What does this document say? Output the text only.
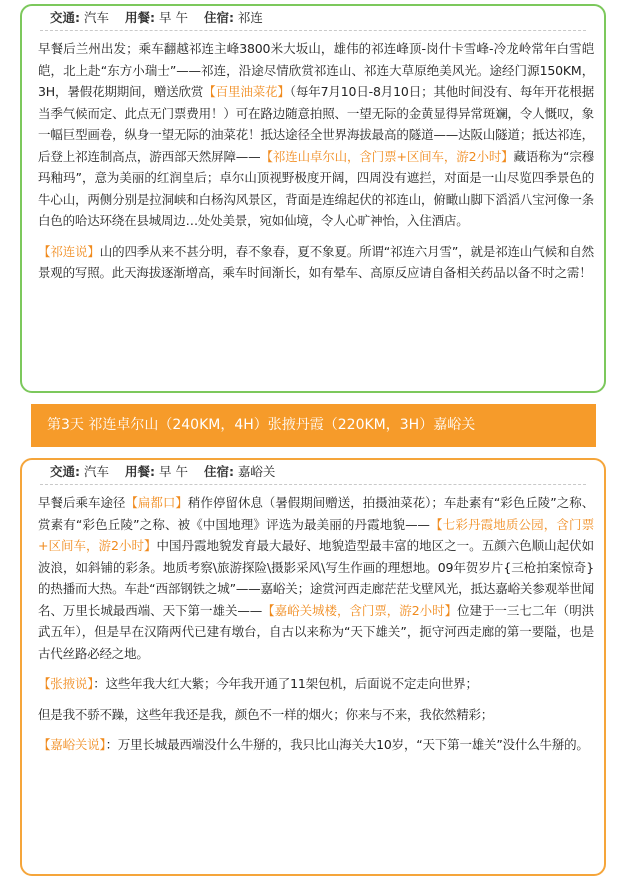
交通: 汽车 用餐: 早 午 住宿: 祁连

早餐后兰州出发；乘车翻越祁连主峰3800米大坂山，雄伟的祁连峰顶-岗什卡雪峰-冷龙岭常年白雪皑皑，北上赴“东方小瑞士”——祁连，沿途尽情欣赏祁连山、祁连大草原绝美风光。途经门源150KM，3H，暑假花期期间，赠送欣赏【百里油菜花】（每年7月10日-8月10日；其他时间没有、每年开花根据当季气候而定、此点无门票费用！）可在路边随意拍照、一望无际的金黄显得异常斑斓，令人慨叹，象一幅巨型画卷，纵身一望无际的油菜花！抵达途径全世界海拔最高的隧道——达阪山隧道；抵达祁连，后登上祁连制高点，游西部天然屏障——【祁连山卓尔山，含门票+区间车，游2小时】藏语称为“宗穆玛釉玛”，意为美丽的红润皇后；卓尔山顶视野极度开阔，四周没有遮拦，对面是一山尽览四季景色的牛心山，两侧分别是拉洞峡和白杨沟风景区，背面是连绵起伏的祁连山，俯瞰山脚下滔滔八宝河像一条白色的哈达环绕在县城周边…处处美景，宛如仙境，令人心旷神怡，入住酒店。

【祁连说】山的四季从来不甚分明，春不象春，夏不象夏。所谓“祁连六月雪”，就是祁连山气候和自然景观的写照。此天海拔逐渐增高，乘车时间渐长，如有晕车、高原反应请自备相关药品以备不时之需！

第3天 祁连卓尔山（240KM，4H）张掖丹霞（220KM，3H）嘉峪关
交通: 汽车 用餐: 早 午 住宿: 嘉峪关

早餐后乘车途径【扁都口】稍作停留休息（暑假期间赠送，拍摄油菜花）；车赴素有“彩色丘陵”之称、赏素有“彩色丘陵”之称、被《中国地理》评选为最美丽的丹霞地貌——【七彩丹霞地质公园，含门票+区间车，游2小时】中国丹霞地貌发育最大最好、地貌造型最丰富的地区之一。五颜六色顺山起伏如波浪，如斜铺的彩条。地质考察\旅游探险\摄影采风\写生作画的理想地。09年贺岁片{三枪拍案惊奇}的热播而大热。车赴“西部钢铁之城”——嘉峪关；途赏河西走廊茫茫戈壁风光，抵达嘉峪关参观举世闻名、万里长城最西端、天下第一雄关——【嘉峪关城楼，含门票，游2小时】位建于一三七二年（明洪武五年），但是早在汉隋两代已建有墩台，自古以来称为“天下雄关”，扼守河西走廊的第一要隘，也是古代丝路必经之地。

【张掖说】：这些年我大红大紫；今年我开通了11架包机，后面说不定走向世界；

但是我不骄不躁，这些年我还是我，颜色不一样的烟火；你来与不来，我依然精彩；

【嘉峪关说】：万里长城最西端没什么牛掰的，我只比山海关大10岁，“天下第一雄关”没什么牛掰的。
